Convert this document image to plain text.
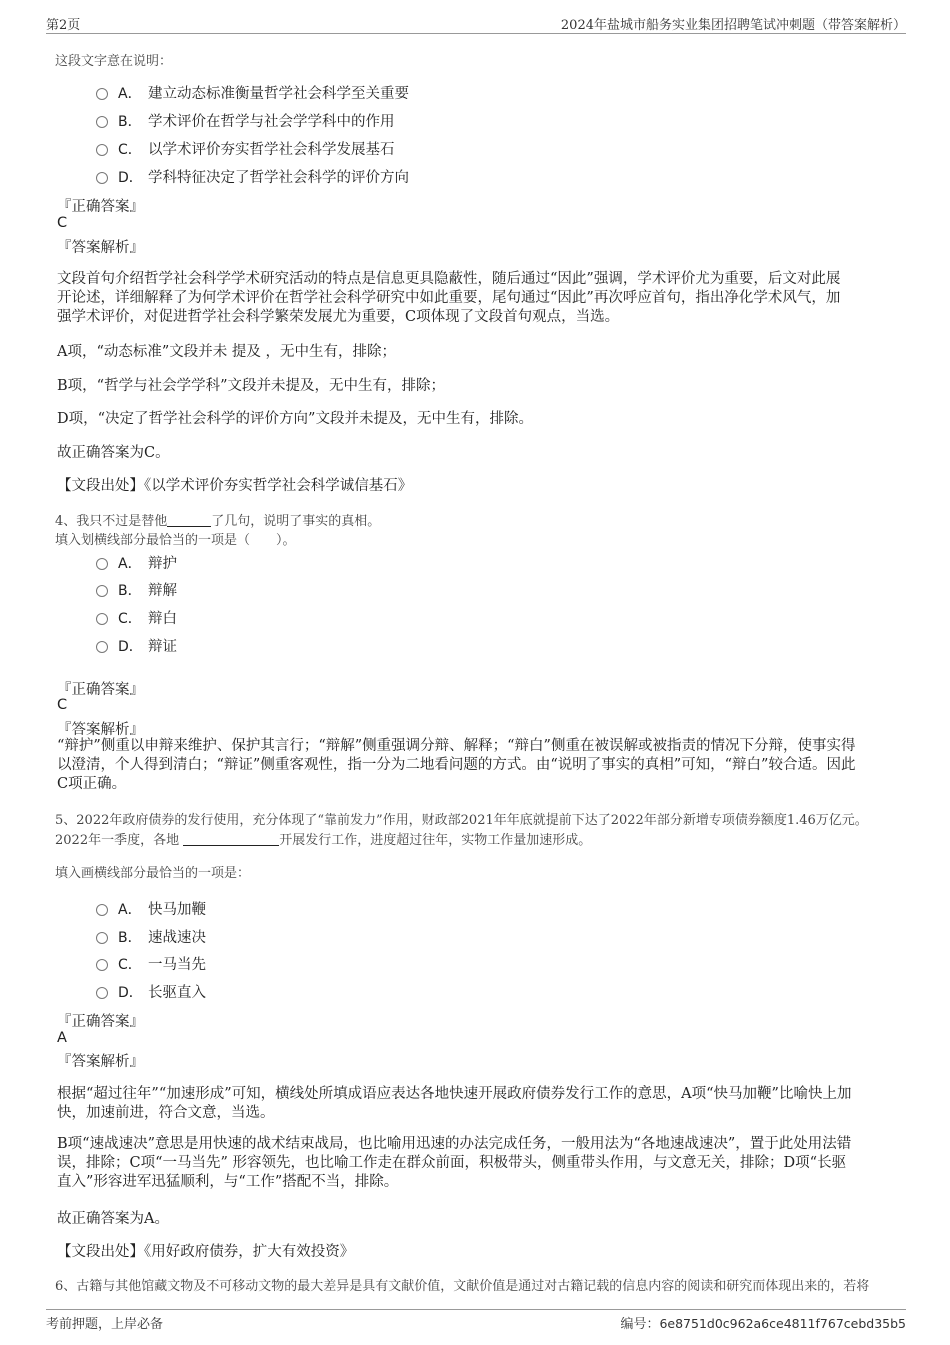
第2页	2024年盐城市船务实业集团招聘笔试冲刺题（带答案解析）
这段文字意在说明：
A． 建立动态标准衡量哲学社会科学至关重要
B． 学术评价在哲学与社会学学科中的作用
C． 以学术评价夯实哲学社会科学发展基石
D． 学科特征决定了哲学社会科学的评价方向
『正确答案』
C
『答案解析』
文段首句介绍哲学社会科学学术研究活动的特点是信息更具隐蔽性，随后通过“因此”强调，学术评价尤为重要，后文对此展
开论述，详细解释了为何学术评价在哲学社会科学研究中如此重要，尾句通过“因此”再次呼应首句，指出净化学术风气，加
强学术评价，对促进哲学社会科学繁荣发展尤为重要，C项体现了文段首句观点，当选。
A项，“动态标准”文段并未 提及 ，无中生有，排除；
B项，“哲学与社会学学科”文段并未提及，无中生有，排除；
D项，“决定了哲学社会科学的评价方向”文段并未提及，无中生有，排除。
故正确答案为C。
【文段出处】《以学术评价夯实哲学社会科学诚信基石》
4、我只不过是替他	了几句，说明了事实的真相。
填入划横线部分最恰当的一项是（　　）。
A． 辩护
B． 辩解
C． 辩白
D． 辩证
『正确答案』
C
『答案解析』
“辩护”侧重以申辩来维护、保护其言行；“辩解”侧重强调分辩、解释；“辩白”侧重在被误解或被指责的情况下分辩，使事实得
以澄清，个人得到清白；“辩证”侧重客观性，指一分为二地看问题的方式。由“说明了事实的真相”可知，“辩白”较合适。因此
C项正确。
5、2022年政府债券的发行使用，充分体现了“靠前发力”作用，财政部2021年年底就提前下达了2022年部分新增专项债券额度1.46万亿元。
2022年一季度，各地	开展发行工作，进度超过往年，实物工作量加速形成。
填入画横线部分最恰当的一项是：
A． 快马加鞭
B． 速战速决
C． 一马当先
D． 长驱直入
『正确答案』
A
『答案解析』
根据“超过往年”“加速形成”可知，横线处所填成语应表达各地快速开展政府债券发行工作的意思，A项“快马加鞭”比喻快上加
快，加速前进，符合文意，当选。
B项“速战速决”意思是用快速的战术结束战局，也比喻用迅速的办法完成任务，一般用法为“各地速战速决”，置于此处用法错
误，排除；C项“一马当先” 形容领先，也比喻工作走在群众前面，积极带头，侧重带头作用，与文意无关，排除；D项“长驱
直入”形容进军迅猛顺利，与“工作”搭配不当，排除。
故正确答案为A。
【文段出处】《用好政府债券，扩大有效投资》
6、古籍与其他馆藏文物及不可移动文物的最大差异是具有文献价值，文献价值是通过对古籍记载的信息内容的阅读和研究而体现出来的，若将
考前押题，上岸必备	编号：6e8751d0c962a6ce4811f767cebd35b5
